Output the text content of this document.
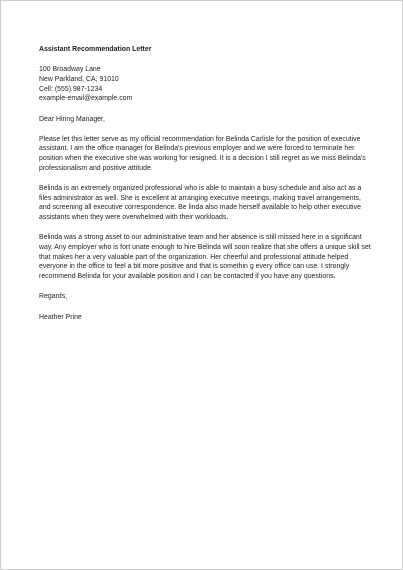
Assistant Recommendation Letter
100 Broadway Lane
New Parkland, CA, 91010
Cell: (555) 987-1234
example-email@example.com
Dear Hiring Manager,
Please let this letter serve as my official recommendation for Belinda Carlisle for the position of executive
assistant. I am the office manager for Belinda's previous employer and we were forced to terminate her
position when the executive she was working for resigned. It is a decision I still regret as we miss Belinda's
professionalism and positive attitude.
Belinda is an extremely organized professional who is able to maintain a busy schedule and also act as a
files administrator as well. She is excellent at arranging executive meetings, making travel arrangements,
and screening all executive correspondence. Be linda also made herself available to help other executive
assistants when they were overwhelmed with their workloads.
Belinda was a strong asset to our administrative team and her absence is still missed here in a significant
way. Any employer who is fort unate enough to hire Belinda will soon realize that she offers a unique skill set
that makes her a very valuable part of the organization. Her cheerful and professional attitude helped
everyone in the office to feel a bit more positive and that is somethin g every office can use. I strongly
recommend Belinda for your available position and I can be contacted if you have any questions.
Regards,
Heather Prine
